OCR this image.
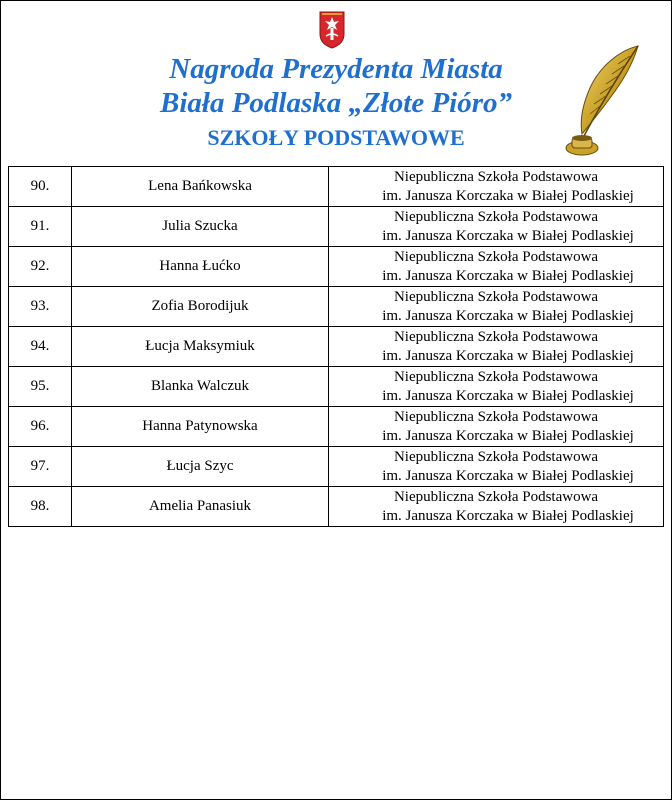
Nagroda Prezydenta Miasta
Biała Podlaska „Złote Pióro”
SZKOŁY PODSTAWOWE
90.	Lena Bańkowska	Niepubliczna Szkoła Podstawowa
im. Janusza Korczaka w Białej Podlaskiej

91.	Julia Szucka	Niepubliczna Szkoła Podstawowa
im. Janusza Korczaka w Białej Podlaskiej

92.	Hanna Łućko	Niepubliczna Szkoła Podstawowa
im. Janusza Korczaka w Białej Podlaskiej

93.	Zofia Borodijuk	Niepubliczna Szkoła Podstawowa
im. Janusza Korczaka w Białej Podlaskiej

94.	Łucja Maksymiuk	Niepubliczna Szkoła Podstawowa
im. Janusza Korczaka w Białej Podlaskiej

95.	Blanka Walczuk	Niepubliczna Szkoła Podstawowa
im. Janusza Korczaka w Białej Podlaskiej

96.	Hanna Patynowska	Niepubliczna Szkoła Podstawowa
im. Janusza Korczaka w Białej Podlaskiej

97.	Łucja Szyc	Niepubliczna Szkoła Podstawowa
im. Janusza Korczaka w Białej Podlaskiej

98.	Amelia Panasiuk	Niepubliczna Szkoła Podstawowa
im. Janusza Korczaka w Białej Podlaskiej
